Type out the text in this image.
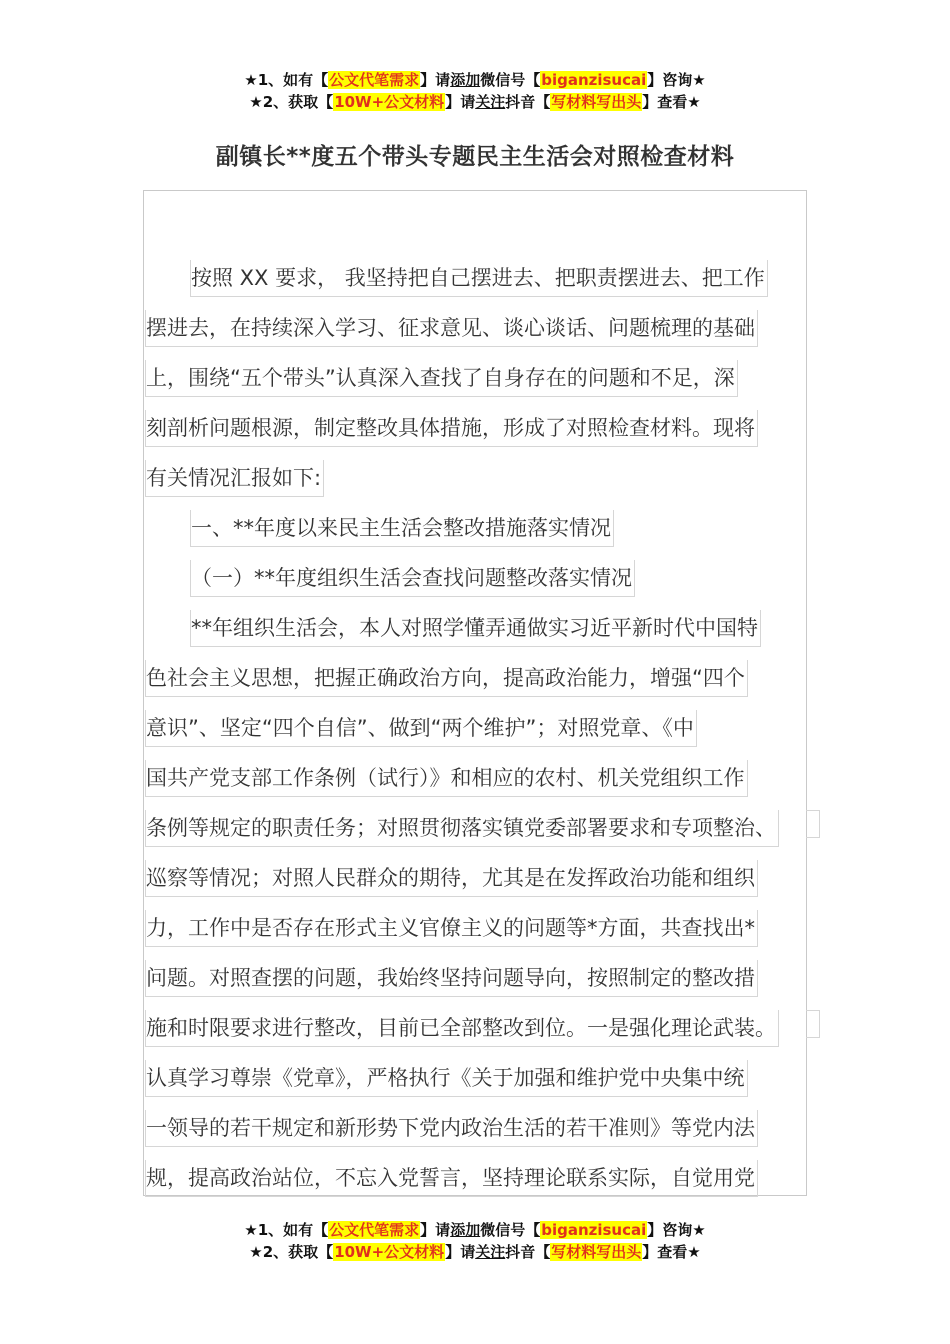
★1、如有【公文代笔需求】请添加微信号【biganzisucai】咨询★
★2、获取【10W+公文材料】请关注抖音【写材料写出头】查看★
副镇长**度五个带头专题民主生活会对照检查材料
按照 XX 要求， 我坚持把自己摆进去、把职责摆进去、把工作
摆进去，在持续深入学习、征求意见、谈心谈话、问题梳理的基础
上，围绕“五个带头”认真深入查找了自身存在的问题和不足，深
刻剖析问题根源，制定整改具体措施，形成了对照检查材料。现将
有关情况汇报如下:
一、**年度以来民主生活会整改措施落实情况
（一）**年度组织生活会查找问题整改落实情况
**年组织生活会，本人对照学懂弄通做实习近平新时代中国特
色社会主义思想，把握正确政治方向，提高政治能力，增强“四个
意识”、坚定“四个自信”、做到“两个维护”；对照党章、《中
国共产党支部工作条例（试行）》和相应的农村、机关党组织工作
条例等规定的职责任务；对照贯彻落实镇党委部署要求和专项整治、
巡察等情况；对照人民群众的期待，尤其是在发挥政治功能和组织
力，工作中是否存在形式主义官僚主义的问题等*方面，共查找出*
问题。对照查摆的问题，我始终坚持问题导向，按照制定的整改措
施和时限要求进行整改，目前已全部整改到位。一是强化理论武装。
认真学习尊崇《党章》，严格执行《关于加强和维护党中央集中统
一领导的若干规定和新形势下党内政治生活的若干准则》等党内法
规，提高政治站位，不忘入党誓言，坚持理论联系实际，自觉用党
★1、如有【公文代笔需求】请添加微信号【biganzisucai】咨询★
★2、获取【10W+公文材料】请关注抖音【写材料写出头】查看★
